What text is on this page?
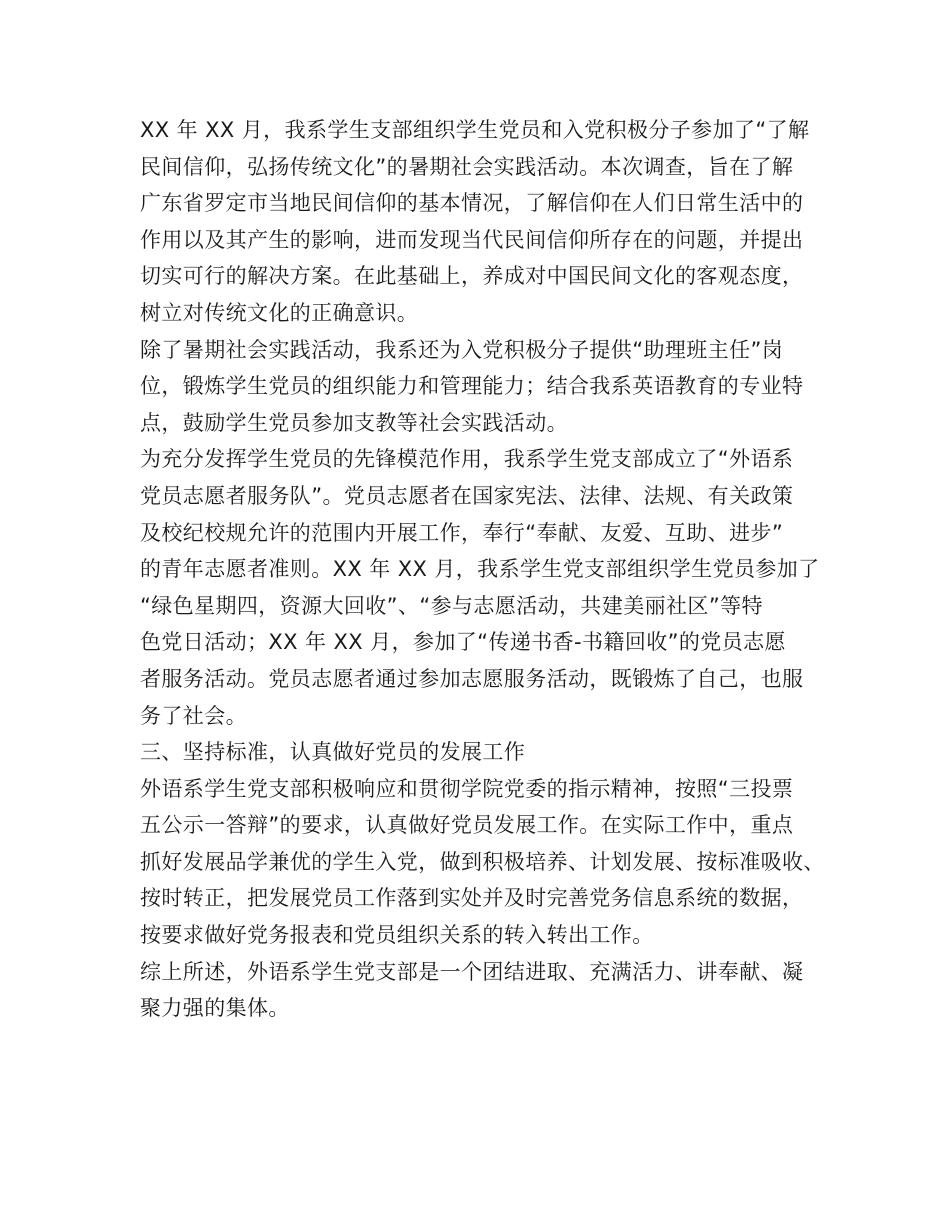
XX 年 XX 月，我系学生支部组织学生党员和入党积极分子参加了“了解
民间信仰，弘扬传统文化”的暑期社会实践活动。本次调查，旨在了解
广东省罗定市当地民间信仰的基本情况，了解信仰在人们日常生活中的
作用以及其产生的影响，进而发现当代民间信仰所存在的问题，并提出
切实可行的解决方案。在此基础上，养成对中国民间文化的客观态度，
树立对传统文化的正确意识。

除了暑期社会实践活动，我系还为入党积极分子提供“助理班主任”岗
位，锻炼学生党员的组织能力和管理能力；结合我系英语教育的专业特
点，鼓励学生党员参加支教等社会实践活动。

为充分发挥学生党员的先锋模范作用，我系学生党支部成立了“外语系
党员志愿者服务队”。党员志愿者在国家宪法、法律、法规、有关政策
及校纪校规允许的范围内开展工作，奉行“奉献、友爱、互助、进步”
的青年志愿者准则。XX 年 XX 月，我系学生党支部组织学生党员参加了
“绿色星期四，资源大回收”、“参与志愿活动，共建美丽社区”等特
色党日活动；XX 年 XX 月，参加了“传递书香-书籍回收”的党员志愿
者服务活动。党员志愿者通过参加志愿服务活动，既锻炼了自己，也服
务了社会。

三、坚持标准，认真做好党员的发展工作

外语系学生党支部积极响应和贯彻学院党委的指示精神，按照“三投票
五公示一答辩”的要求，认真做好党员发展工作。在实际工作中，重点
抓好发展品学兼优的学生入党，做到积极培养、计划发展、按标准吸收、
按时转正，把发展党员工作落到实处并及时完善党务信息系统的数据，
按要求做好党务报表和党员组织关系的转入转出工作。

综上所述，外语系学生党支部是一个团结进取、充满活力、讲奉献、凝
聚力强的集体。
